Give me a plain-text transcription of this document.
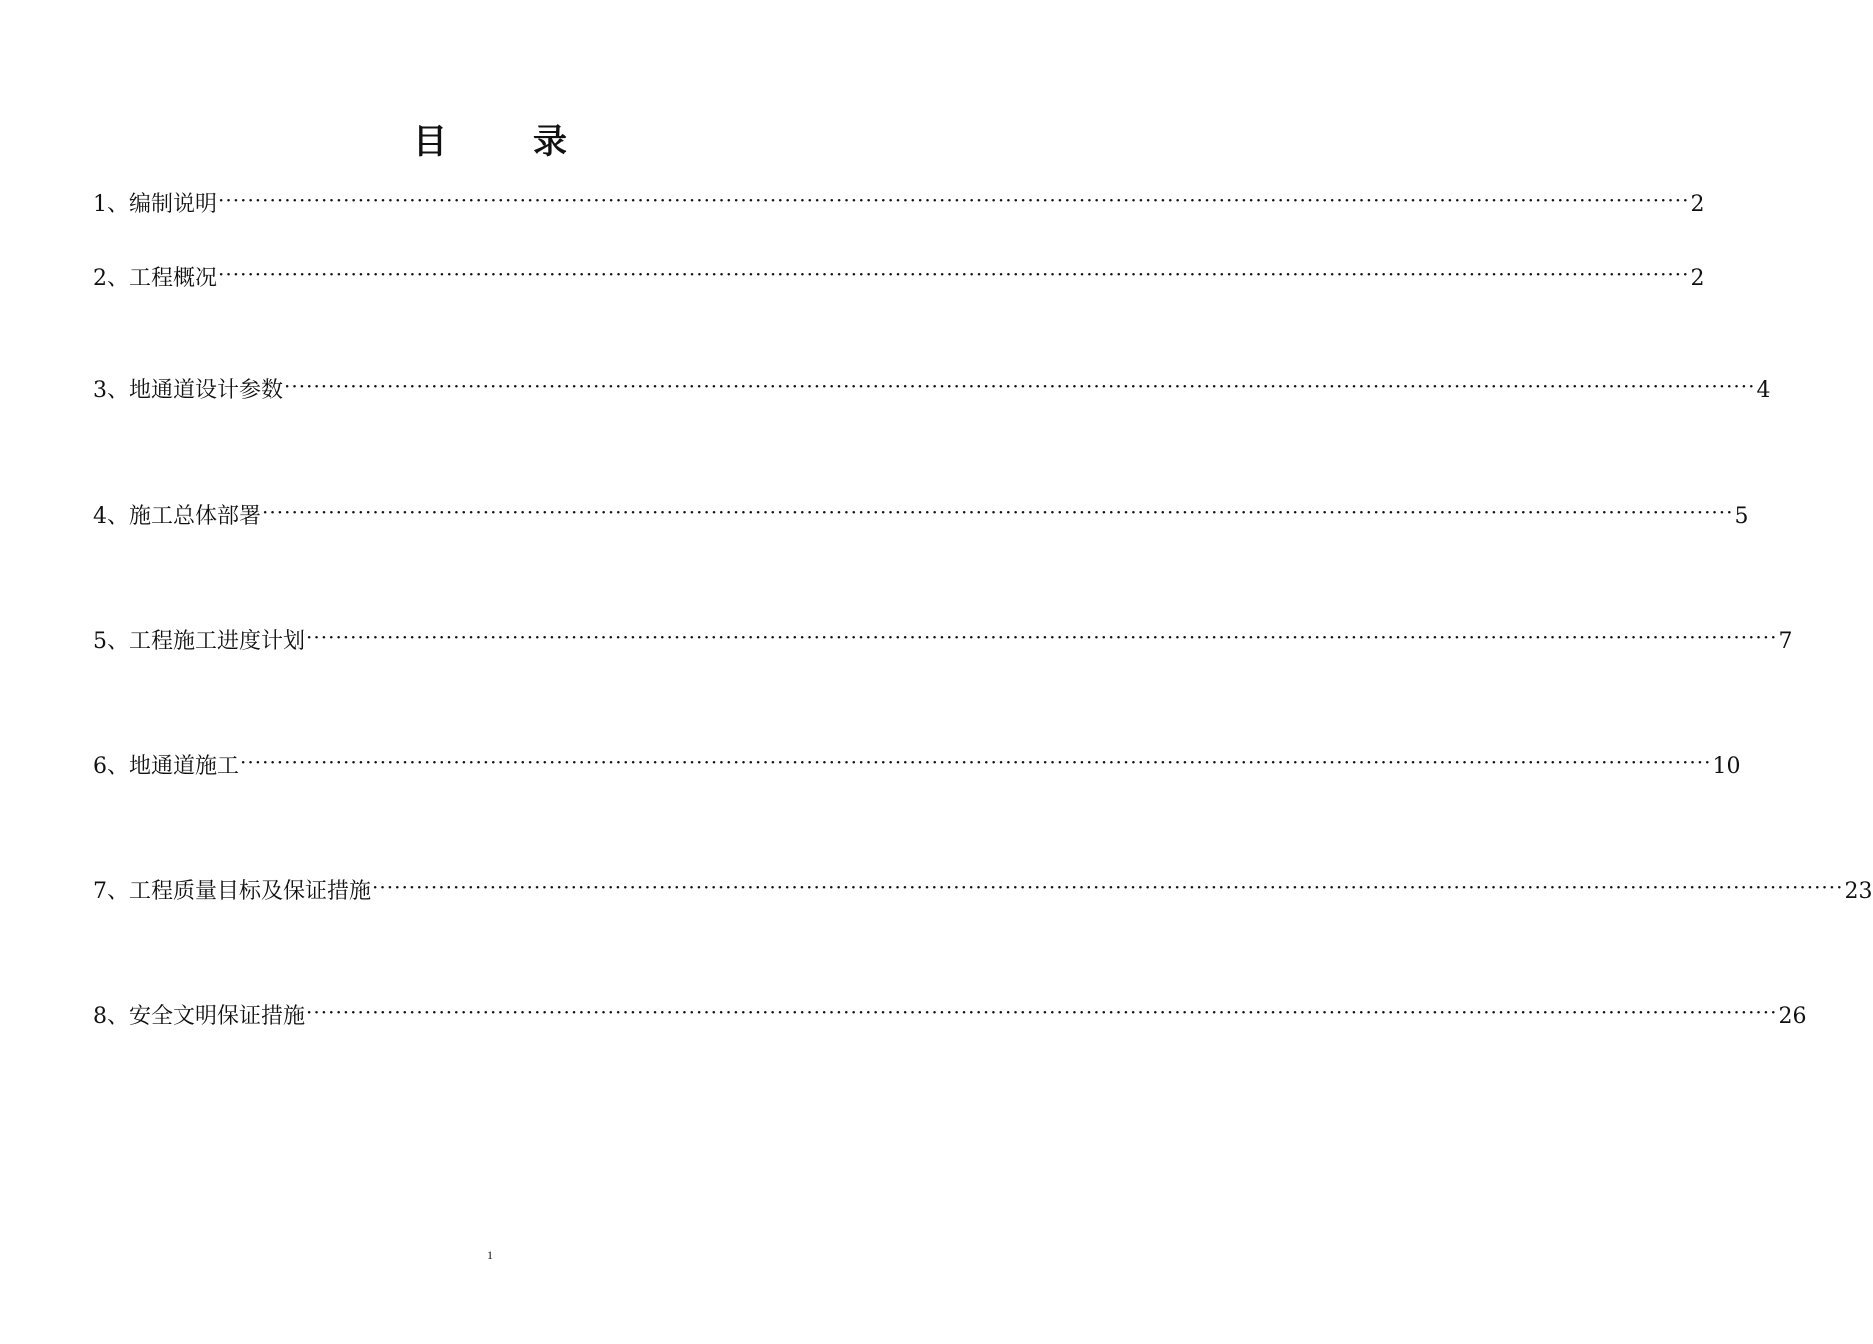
目	录
1、编制说明 ········································································································································································································ 2
2、工程概况 ········································································································································································································ 2
3、地通道设计参数 ········································································································································································································ 4
4、施工总体部署 ········································································································································································································ 5
5、工程施工进度计划 ········································································································································································································ 7
6、地通道施工 ········································································································································································································ 10
7、工程质量目标及保证措施 ········································································································································································································ 23
8、安全文明保证措施 ········································································································································································································ 26
1
